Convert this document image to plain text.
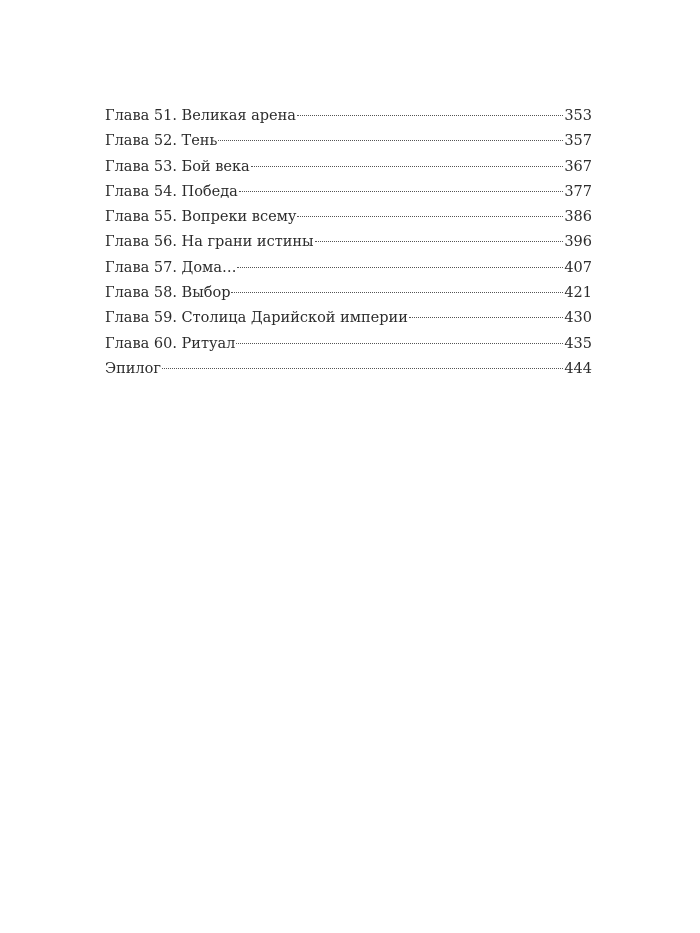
Глава 51. Великая арена	353
Глава 52. Тень	357
Глава 53. Бой века	367
Глава 54. Победа	377
Глава 55. Вопреки всему	386
Глава 56. На грани истины	396
Глава 57. Дома…	407
Глава 58. Выбор	421
Глава 59. Столица Дарийской империи	430
Глава 60. Ритуал	435
Эпилог	444
